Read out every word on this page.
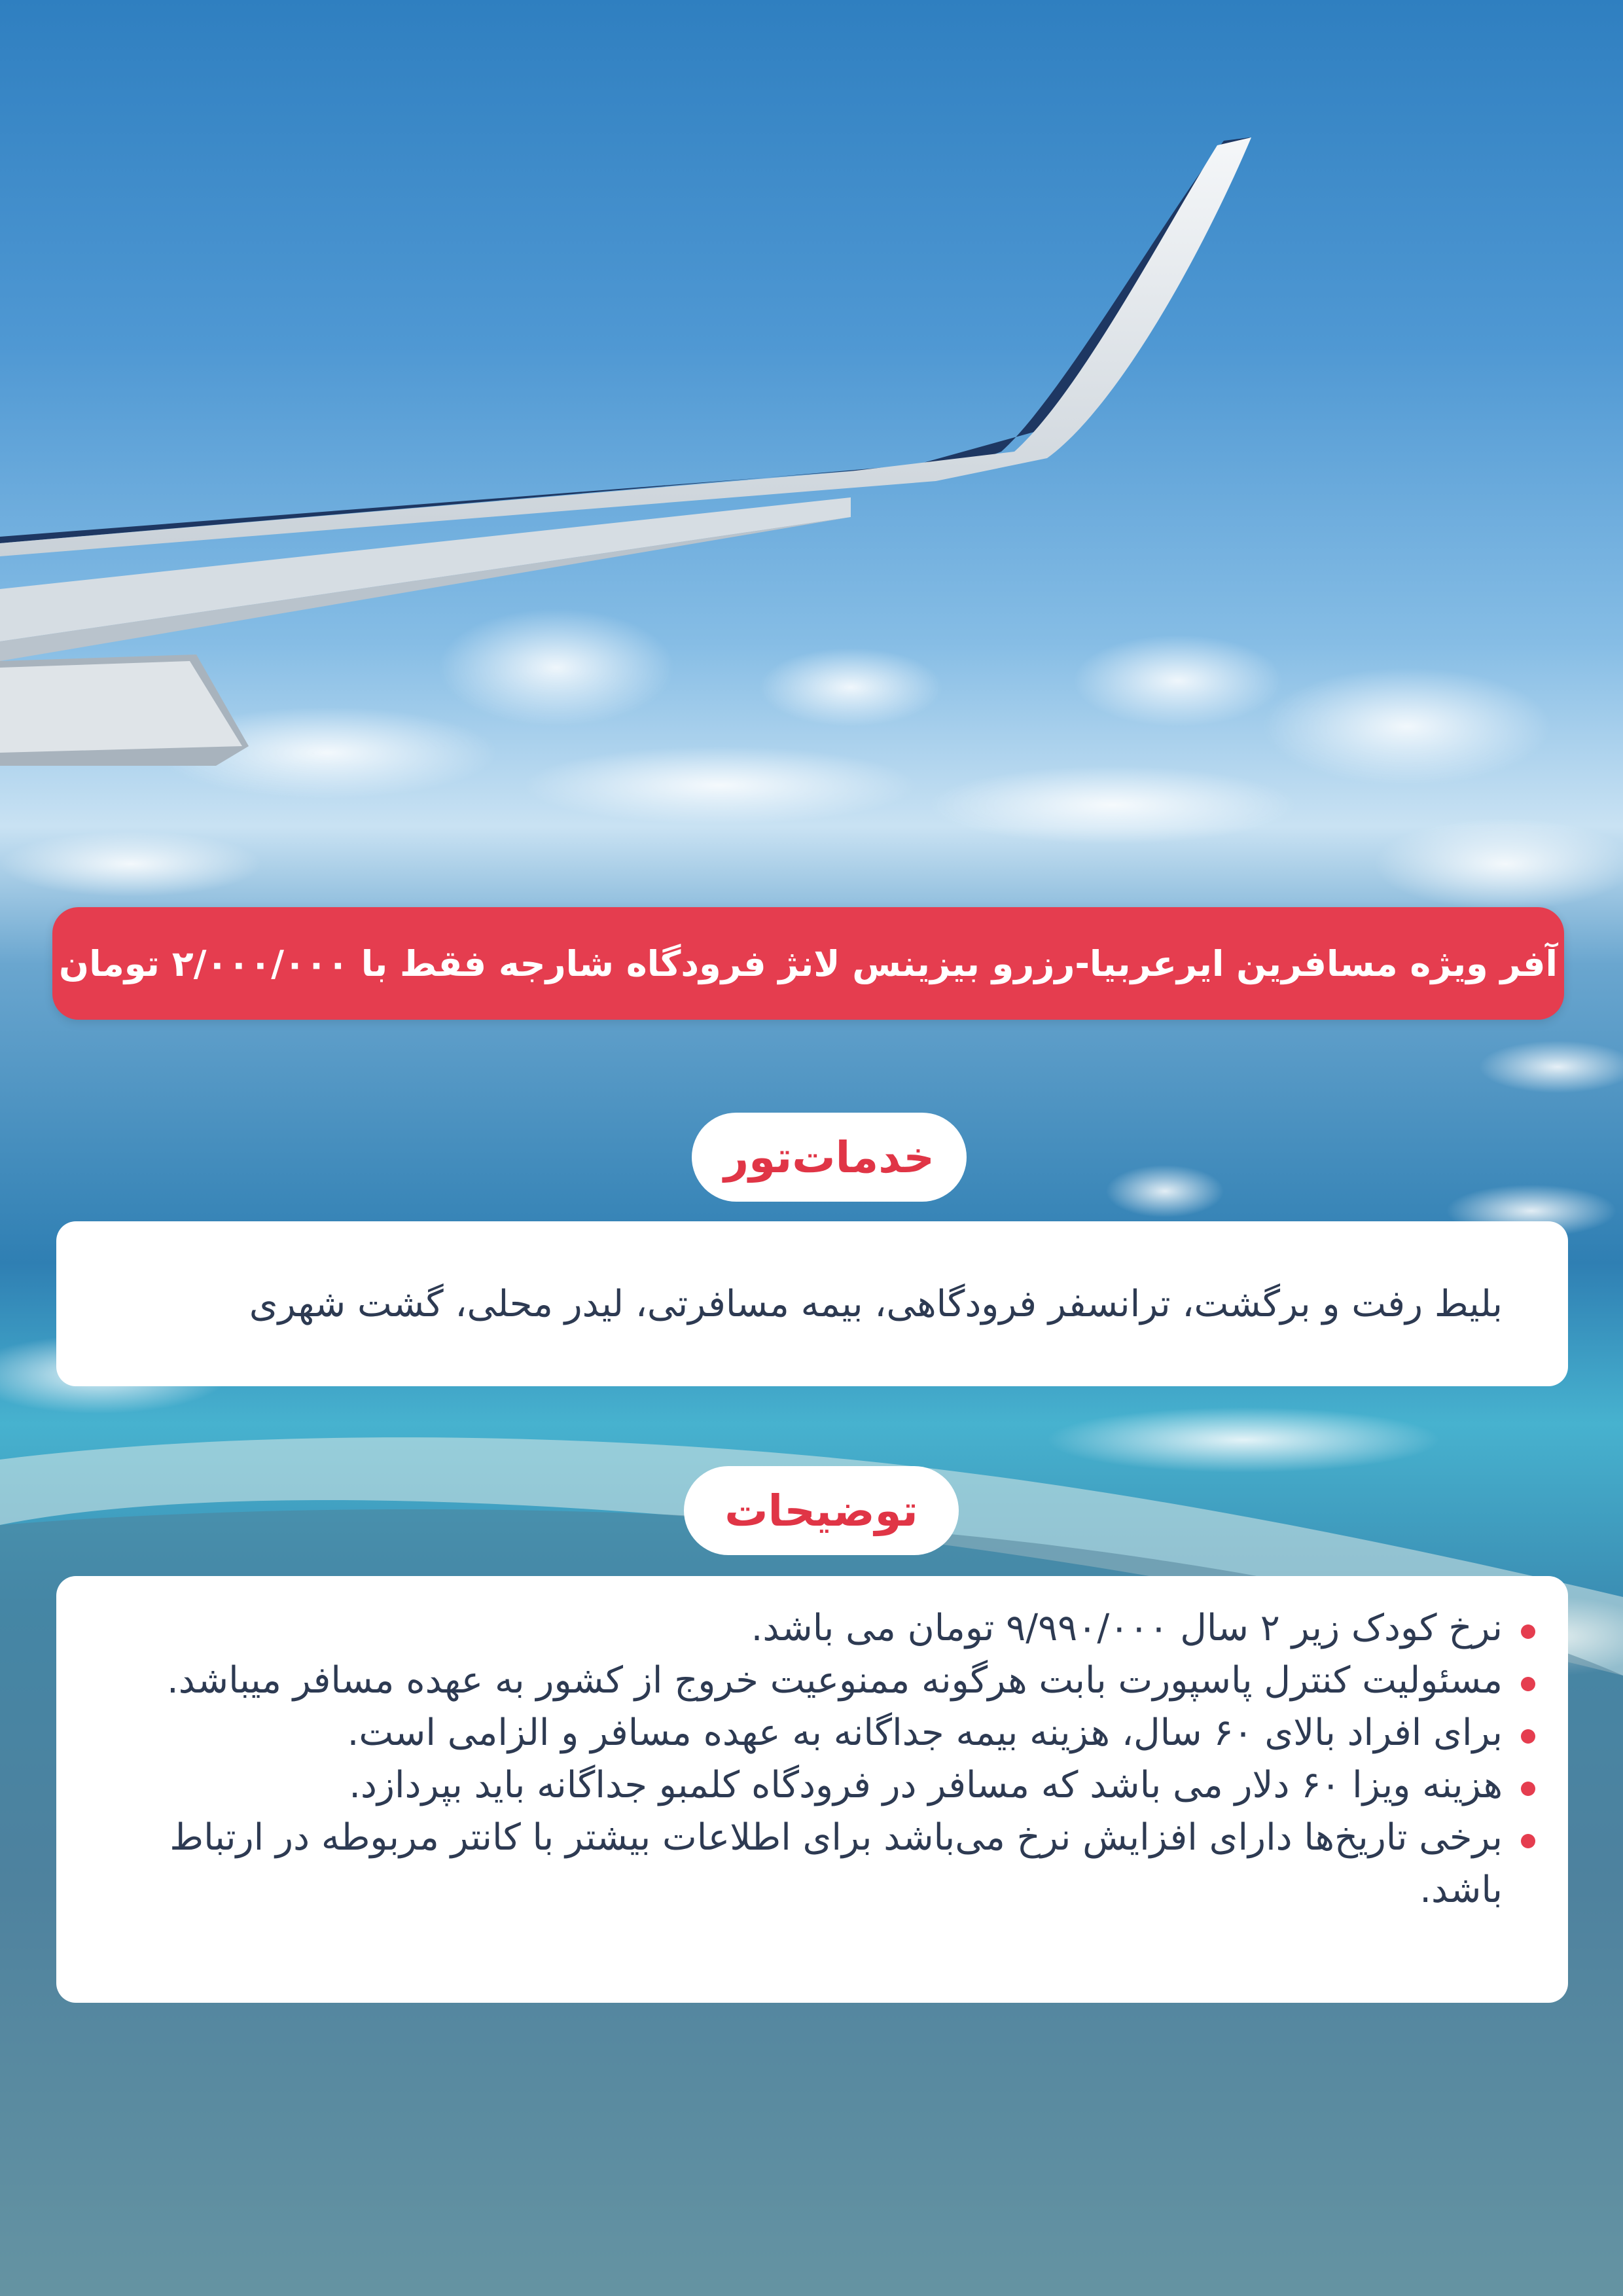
آفر ویژه مسافرین ایرعربیا-رزرو بیزینس لانژ فرودگاه شارجه فقط با ۲/۰۰۰/۰۰۰ تومان
خدمات‌تور
بلیط رفت و برگشت، ترانسفر فرودگاهی، بیمه مسافرتی، لیدر محلی، گشت شهری
توضیحات
نرخ کودک زیر ۲ سال ۹/۹۹۰/۰۰۰ تومان می باشد.
مسئولیت کنترل پاسپورت بابت هرگونه ممنوعیت خروج از کشور به عهده مسافر میباشد.
برای افراد بالای ۶۰ سال، هزینه بیمه جداگانه به عهده مسافر و الزامی است.
هزینه ویزا ۶۰ دلار می باشد که مسافر در فرودگاه کلمبو جداگانه باید بپردازد.
برخی تاریخ‌ها دارای افزایش نرخ می‌باشد برای اطلاعات بیشتر با کانتر مربوطه در ارتباط باشد.
